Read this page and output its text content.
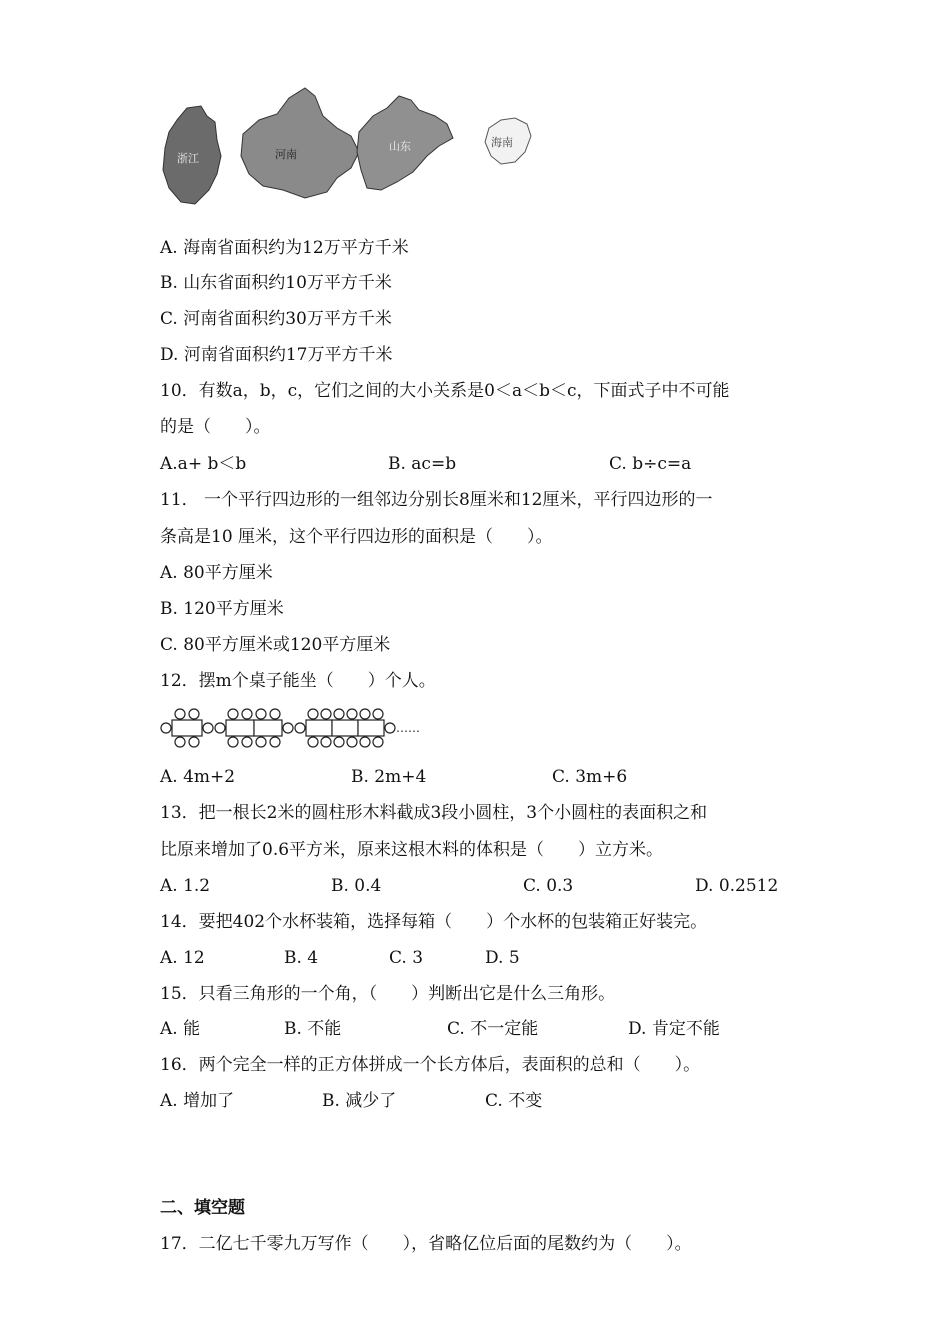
浙江	河南
山东	海南
A. 海南省面积约为12万平方千米
B. 山东省面积约10万平方千米
C. 河南省面积约30万平方千米
D. 河南省面积约17万平方千米
10．有数a，b，c，它们之间的大小关系是0＜a＜b＜c，下面式子中不可能
的是（　　）。
A.a+ b＜b	B. ac=b	C. b÷c=a
11． 一个平行四边形的一组邻边分别长8厘米和12厘米，平行四边形的一
条高是10 厘米，这个平行四边形的面积是（　　）。
A. 80平方厘米
B. 120平方厘米
C. 80平方厘米或120平方厘米
12．摆m个桌子能坐（　　）个人。
……
A. 4m+2	B. 2m+4	C. 3m+6
13．把一根长2米的圆柱形木料截成3段小圆柱，3个小圆柱的表面积之和
比原来增加了0.6平方米，原来这根木料的体积是（　　）立方米。
A. 1.2	B. 0.4	C. 0.3	D. 0.2512
14．要把402个水杯装箱，选择每箱（　　）个水杯的包装箱正好装完。
A. 12	B. 4	C. 3	D. 5
15．只看三角形的一个角，（　　）判断出它是什么三角形。
A. 能	B. 不能	C. 不一定能	D. 肯定不能
16．两个完全一样的正方体拼成一个长方体后，表面积的总和（　　）。
A. 增加了	B. 减少了	C. 不变
二、填空题
17．二亿七千零九万写作（　　），省略亿位后面的尾数约为（　　）。
